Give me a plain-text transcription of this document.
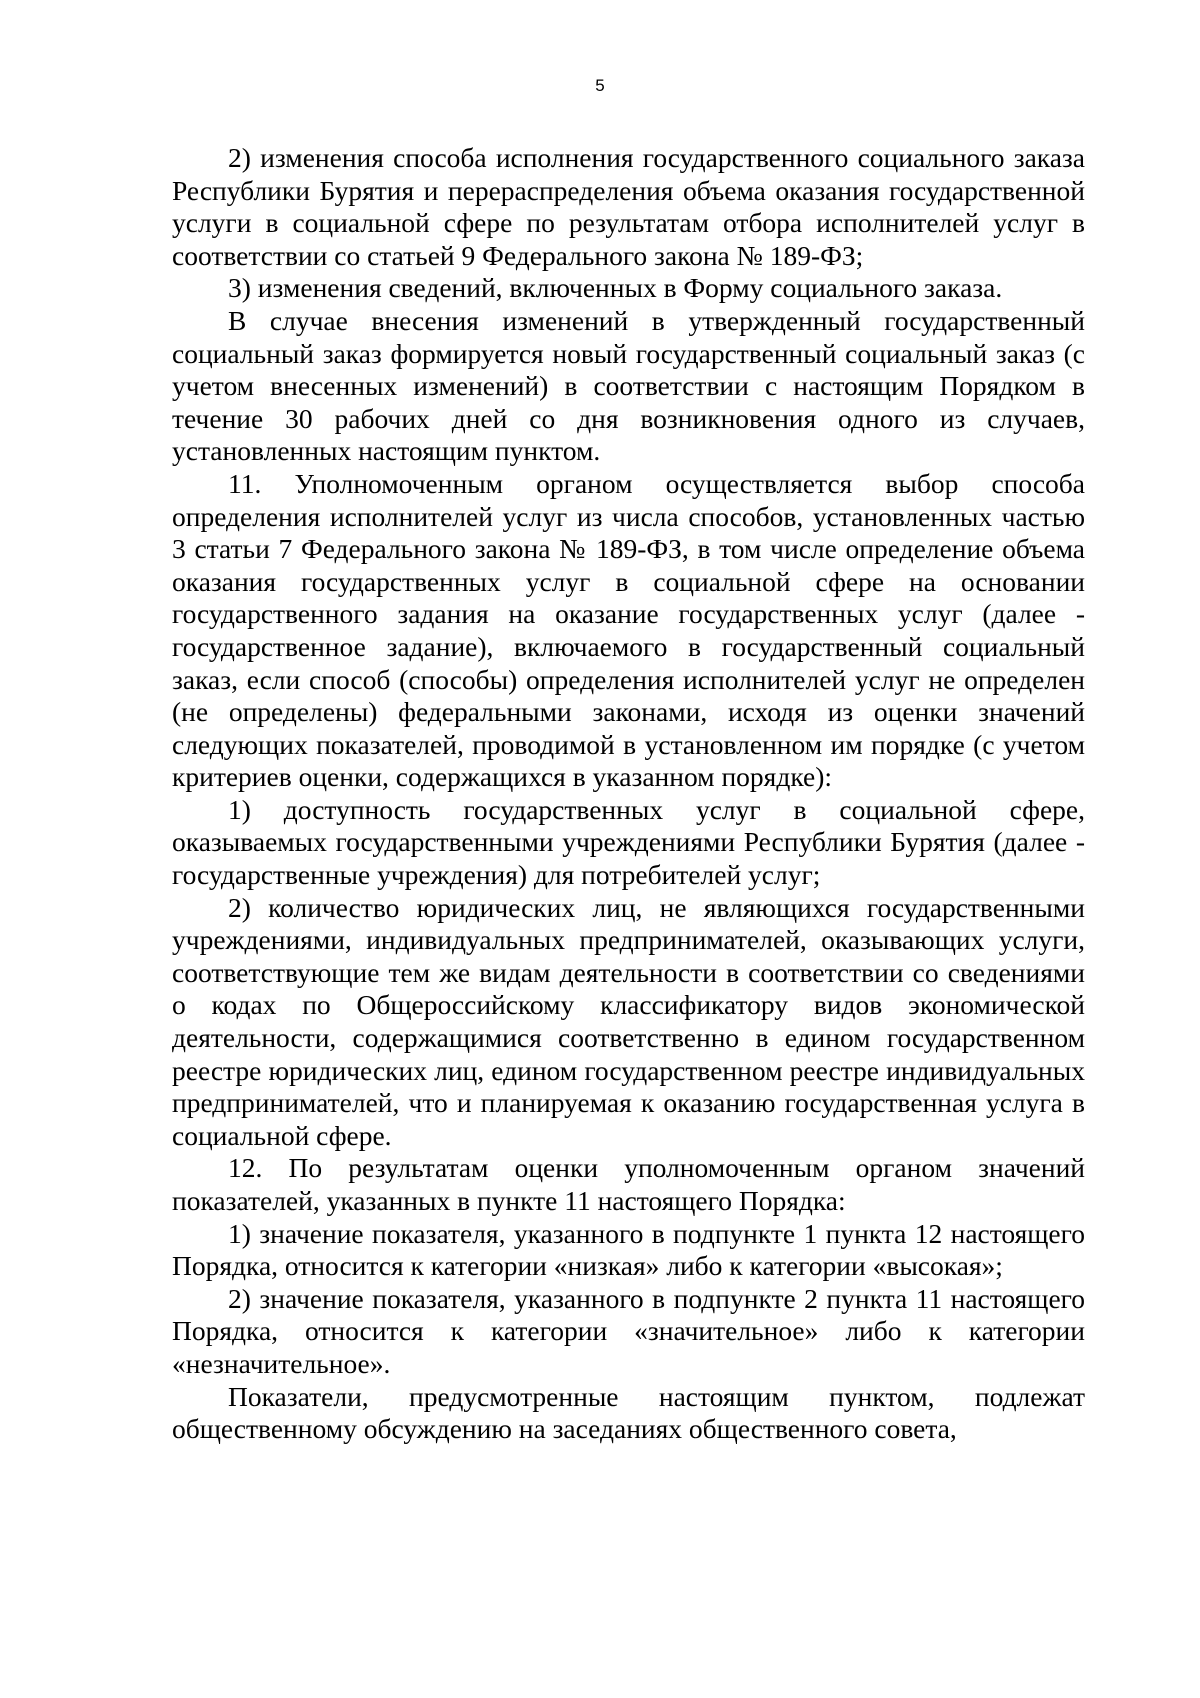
5

2) изменения способа исполнения государственного социального заказа Республики Бурятия и перераспределения объема оказания государственной услуги в социальной сфере по результатам отбора исполнителей услуг в соответствии со статьей 9 Федерального закона № 189-ФЗ;

3) изменения сведений, включенных в Форму социального заказа.

В случае внесения изменений в утвержденный государственный социальный заказ формируется новый государственный социальный заказ (с учетом внесенных изменений) в соответствии с настоящим Порядком в течение 30 рабочих дней со дня возникновения одного из случаев, установленных настоящим пунктом.

11. Уполномоченным органом осуществляется выбор способа определения исполнителей услуг из числа способов, установленных частью 3 статьи 7 Федерального закона № 189-ФЗ, в том числе определение объема оказания государственных услуг в социальной сфере на основании государственного задания на оказание государственных услуг (далее - государственное задание), включаемого в государственный социальный заказ, если способ (способы) определения исполнителей услуг не определен (не определены) федеральными законами, исходя из оценки значений следующих показателей, проводимой в установленном им порядке (с учетом критериев оценки, содержащихся в указанном порядке):

1) доступность государственных услуг в социальной сфере, оказываемых государственными учреждениями Республики Бурятия (далее - государственные учреждения) для потребителей услуг;

2) количество юридических лиц, не являющихся государственными учреждениями, индивидуальных предпринимателей, оказывающих услуги, соответствующие тем же видам деятельности в соответствии со сведениями о кодах по Общероссийскому классификатору видов экономической деятельности, содержащимися соответственно в едином государственном реестре юридических лиц, едином государственном реестре индивидуальных предпринимателей, что и планируемая к оказанию государственная услуга в социальной сфере.

12. По результатам оценки уполномоченным органом значений показателей, указанных в пункте 11 настоящего Порядка:

1) значение показателя, указанного в подпункте 1 пункта 12 настоящего Порядка, относится к категории «низкая» либо к категории «высокая»;

2) значение показателя, указанного в подпункте 2 пункта 11 настоящего Порядка, относится к категории «значительное» либо к категории «незначительное».

Показатели, предусмотренные настоящим пунктом, подлежат общественному обсуждению на заседаниях общественного совета,
